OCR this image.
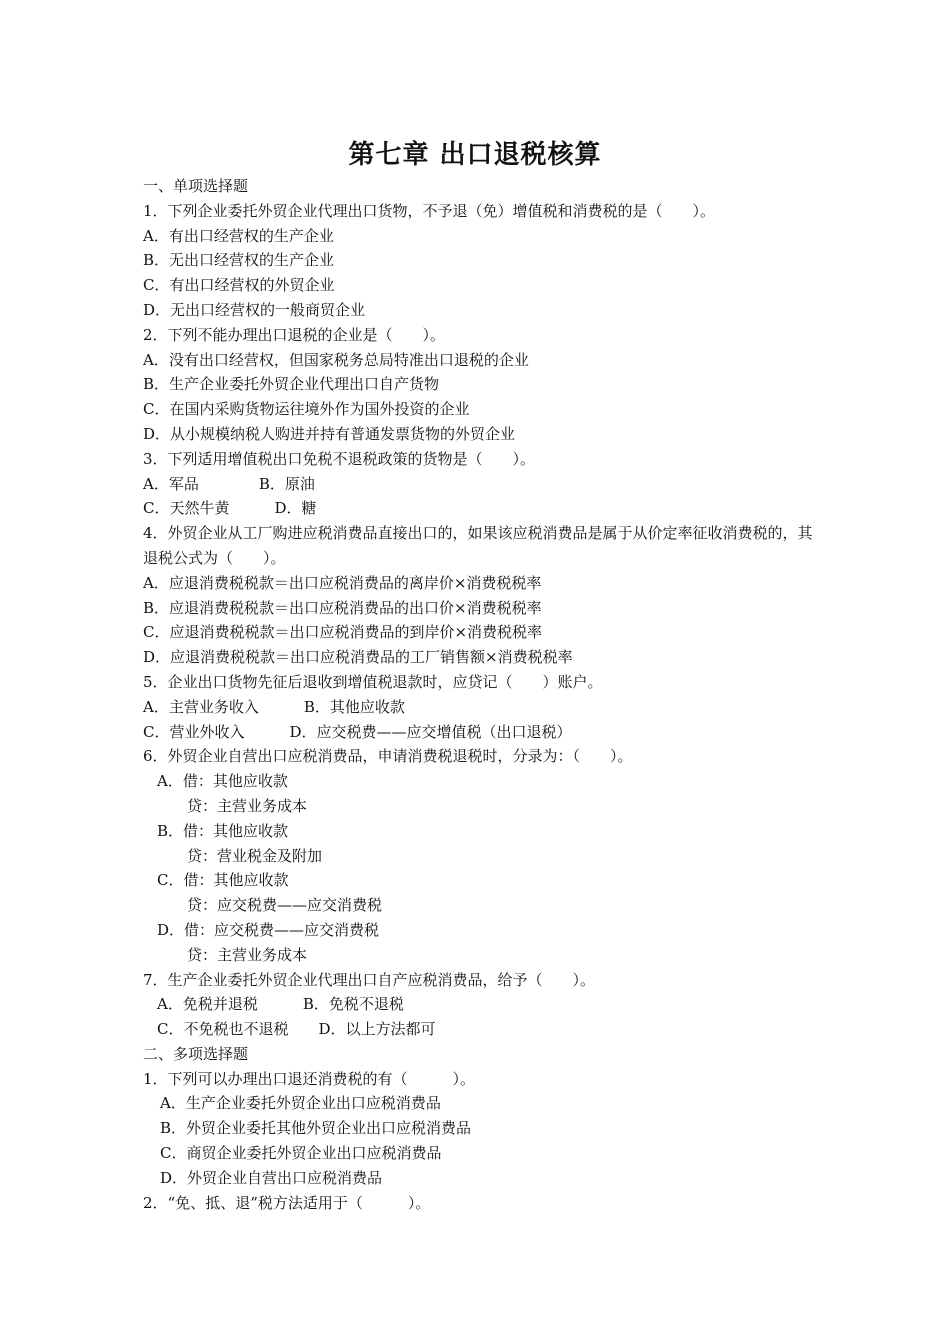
第七章 出口退税核算

一、单项选择题

1．下列企业委托外贸企业代理出口货物，不予退（免）增值税和消费税的是（　　）。

A．有出口经营权的生产企业

B．无出口经营权的生产企业

C．有出口经营权的外贸企业

D．无出口经营权的一般商贸企业

2．下列不能办理出口退税的企业是（　　）。

A．没有出口经营权，但国家税务总局特准出口退税的企业

B．生产企业委托外贸企业代理出口自产货物

C．在国内采购货物运往境外作为国外投资的企业

D．从小规模纳税人购进并持有普通发票货物的外贸企业

3．下列适用增值税出口免税不退税政策的货物是（　　）。

A．军品　　　　B．原油

C．天然牛黄　　　D．糖

4．外贸企业从工厂购进应税消费品直接出口的，如果该应税消费品是属于从价定率征收消费税的，其退税公式为（　　）。

A．应退消费税税款＝出口应税消费品的离岸价×消费税税率

B．应退消费税税款＝出口应税消费品的出口价×消费税税率

C．应退消费税税款＝出口应税消费品的到岸价×消费税税率

D．应退消费税税款＝出口应税消费品的工厂销售额×消费税税率

5．企业出口货物先征后退收到增值税退款时，应贷记（　　）账户。

A．主营业务收入　　　B．其他应收款

C．营业外收入　　　D．应交税费——应交增值税（出口退税）

6．外贸企业自营出口应税消费品，申请消费税退税时，分录为：（　　）。

A．借：其他应收款

贷：主营业务成本

B．借：其他应收款

贷：营业税金及附加

C．借：其他应收款

贷：应交税费——应交消费税

D．借：应交税费——应交消费税

贷：主营业务成本

7．生产企业委托外贸企业代理出口自产应税消费品，给予（　　）。

A．免税并退税　　　B．免税不退税

C．不免税也不退税　　D．以上方法都可

二、多项选择题

1．下列可以办理出口退还消费税的有（　　　）。

A．生产企业委托外贸企业出口应税消费品

B．外贸企业委托其他外贸企业出口应税消费品

C．商贸企业委托外贸企业出口应税消费品

D．外贸企业自营出口应税消费品

2．“免、抵、退”税方法适用于（　　　）。
